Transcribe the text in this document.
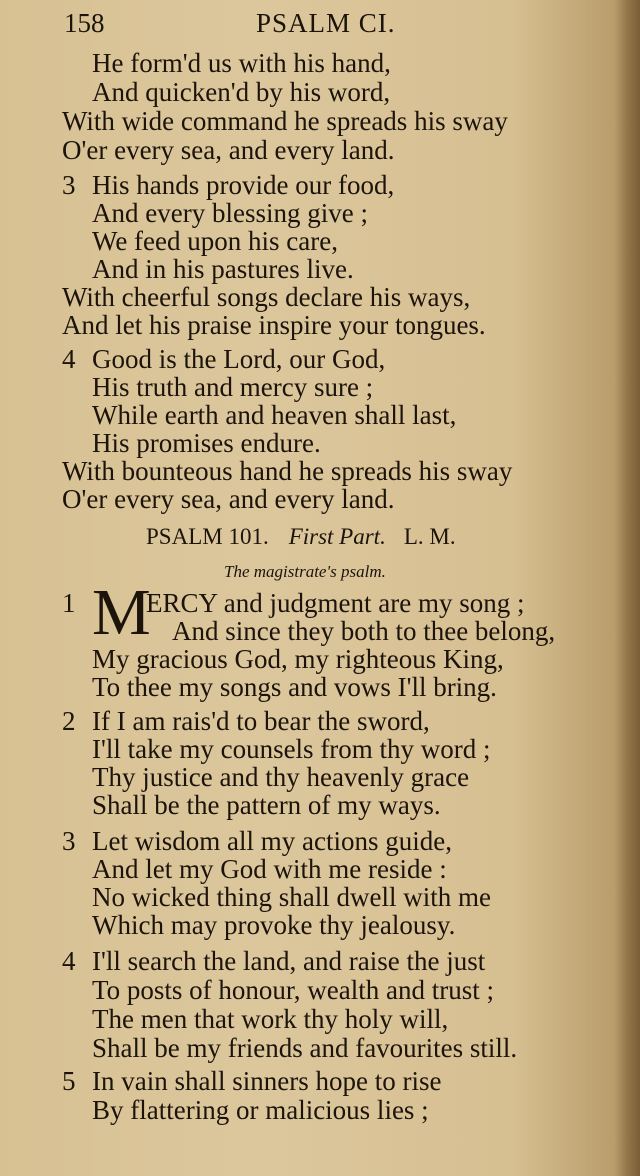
158	PSALM CI.
He form'd us with his hand,
And quicken'd by his word,
With wide command he spreads his sway
O'er every sea, and every land.
3 His hands provide our food,
And every blessing give ;
We feed upon his care,
And in his pastures live.
With cheerful songs declare his ways,
And let his praise inspire your tongues.
4 Good is the Lord, our God,
His truth and mercy sure ;
While earth and heaven shall last,
His promises endure.
With bounteous hand he spreads his sway
O'er every sea, and every land.
PSALM 101. First Part. L. M.
The magistrate's psalm.
1 M
ERCY and judgment are my song ;
And since they both to thee belong,
My gracious God, my righteous King,
To thee my songs and vows I'll bring.
2 If I am rais'd to bear the sword,
I'll take my counsels from thy word ;
Thy justice and thy heavenly grace
Shall be the pattern of my ways.
3 Let wisdom all my actions guide,
And let my God with me reside :
No wicked thing shall dwell with me
Which may provoke thy jealousy.
4 I'll search the land, and raise the just
To posts of honour, wealth and trust ;
The men that work thy holy will,
Shall be my friends and favourites still.
5 In vain shall sinners hope to rise
By flattering or malicious lies ;
